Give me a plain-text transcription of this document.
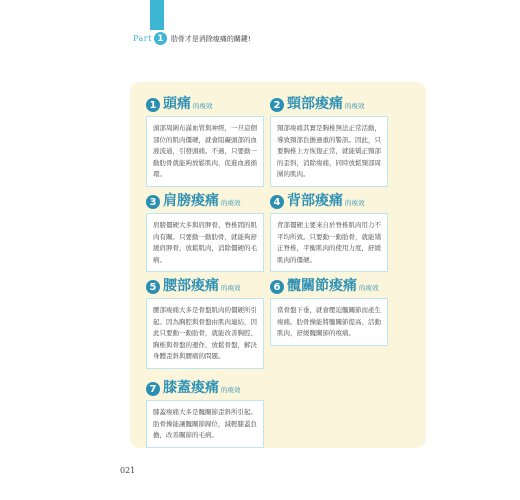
Part 1	肋骨才是消除痠痛的關鍵!
1 頭痛 的痠效
頭部周圍布滿血管與神經，一旦這個部位的肌肉僵硬，就會阻礙頭部的血液流通，引發頭痛。不過，只要動一動肋骨就能夠放鬆肌肉，促進血液循環。
2 頸部痠痛 的痠效
頸部痠痛其實是胸椎無法正常活動，導致頸部負擔過重的警訊。因此，只要胸椎上方恢復正常，就能矯正頸部的歪斜，消除痠痛，同時放鬆頸部周圍的肌肉。
3 肩膀痠痛 的痠效
肩膀僵硬大多與肩胛骨、脊椎間的肌肉有關。只要動一動肋骨，就能夠舒緩肩胛骨，放鬆肌肉，消除僵硬的毛病。
4 背部痠痛 的痠效
背部僵硬主要來自於脊椎肌肉用力不平均所致。只要動一動肋骨，就能矯正脊椎，平衡肌肉的使用力度，舒緩肌肉的僵硬。
5 腰部痠痛 的痠效
腰部痠痛大多是骨盤肌肉的僵硬所引起。因為胸腔與骨盤由肌肉連結，因此只要動一動肋骨，就能改善胸腔、胸椎與骨盤的運作，放鬆骨盤，解決身體歪斜與腰痛的問題。
6 髖關節痠痛 的痠效
當骨盤下垂，就會壓迫髖關節而產生痠痛。肋骨操能將髖關節提高、活動肌肉，舒緩髖關節的痠痛。
7 膝蓋痠痛 的痠效
膝蓋痠痛大多是髖關節歪斜所引起。肋骨操能讓髖關節歸位，減輕膝蓋負擔，改善關節的毛病。
021
